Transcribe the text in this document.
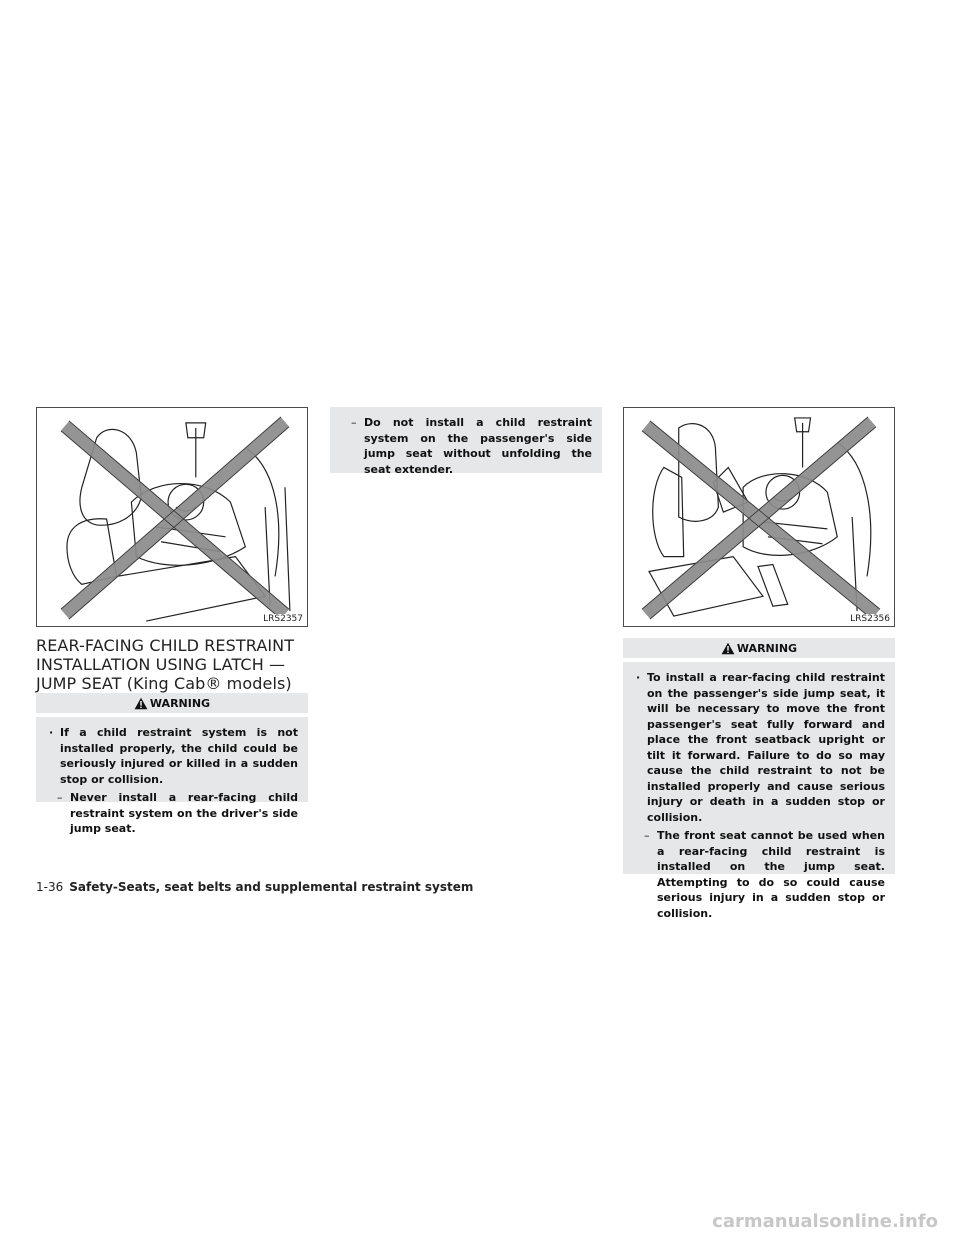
LRS2357
REAR-FACING CHILD RESTRAINT
INSTALLATION USING LATCH —
JUMP SEAT (King Cab® models)
WARNING
· If a child restraint system is not installed properly, the child could be seriously injured or killed in a sudden stop or collision.
– Never install a rear-facing child restraint system on the driver's side jump seat.
– Do not install a child restraint system on the passenger's side jump seat without unfolding the seat extender.
LRS2356
WARNING
· To install a rear-facing child restraint on the passenger's side jump seat, it will be necessary to move the front passenger's seat fully forward and place the front seatback upright or tilt it forward. Failure to do so may cause the child restraint to not be installed properly and cause serious injury or death in a sudden stop or collision.
– The front seat cannot be used when a rear-facing child restraint is installed on the jump seat. Attempting to do so could cause serious injury in a sudden stop or collision.
1-36 Safety-Seats, seat belts and supplemental restraint system
carmanualsonline.info
